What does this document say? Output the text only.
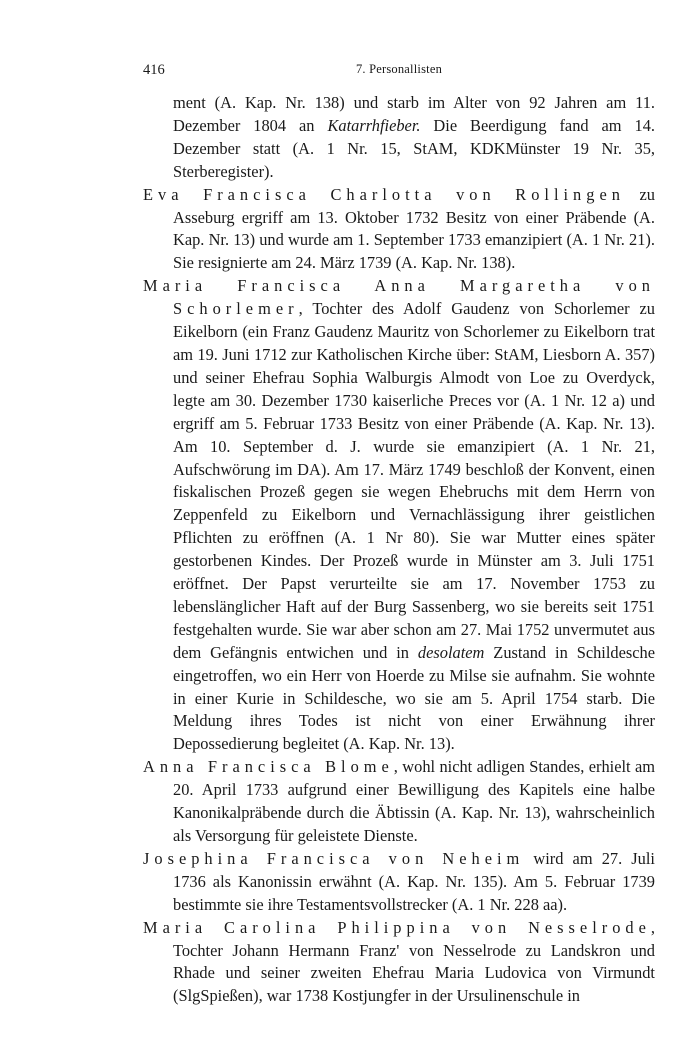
416	7. Personallisten

ment (A. Kap. Nr. 138) und starb im Alter von 92 Jahren am 11. Dezember 1804 an Katarrhfieber. Die Beerdigung fand am 14. Dezember statt (A. 1 Nr. 15, StAM, KDKMünster 19 Nr. 35, Sterberegister).

Eva Francisca Charlotta von Rollingen zu Asseburg ergriff am 13. Oktober 1732 Besitz von einer Präbende (A. Kap. Nr. 13) und wurde am 1. September 1733 emanzipiert (A. 1 Nr. 21). Sie resignierte am 24. März 1739 (A. Kap. Nr. 138).

Maria Francisca Anna Margaretha von Schorlemer, Tochter des Adolf Gaudenz von Schorlemer zu Eikelborn (ein Franz Gaudenz Mauritz von Schorlemer zu Eikelborn trat am 19. Juni 1712 zur Katholischen Kirche über: StAM, Liesborn A. 357) und seiner Ehefrau Sophia Walburgis Almodt von Loe zu Overdyck, legte am 30. Dezember 1730 kaiserliche Preces vor (A. 1 Nr. 12 a) und ergriff am 5. Februar 1733 Besitz von einer Präbende (A. Kap. Nr. 13). Am 10. September d. J. wurde sie emanzipiert (A. 1 Nr. 21, Aufschwörung im DA). Am 17. März 1749 beschloß der Konvent, einen fiskalischen Prozeß gegen sie wegen Ehebruchs mit dem Herrn von Zeppenfeld zu Eikelborn und Vernachlässigung ihrer geistlichen Pflichten zu eröffnen (A. 1 Nr 80). Sie war Mutter eines später gestorbenen Kindes. Der Prozeß wurde in Münster am 3. Juli 1751 eröffnet. Der Papst verurteilte sie am 17. November 1753 zu lebenslänglicher Haft auf der Burg Sassenberg, wo sie bereits seit 1751 festgehalten wurde. Sie war aber schon am 27. Mai 1752 unvermutet aus dem Gefängnis entwichen und in desolatem Zustand in Schildesche eingetroffen, wo ein Herr von Hoerde zu Milse sie aufnahm. Sie wohnte in einer Kurie in Schildesche, wo sie am 5. April 1754 starb. Die Meldung ihres Todes ist nicht von einer Erwähnung ihrer Depossedierung begleitet (A. Kap. Nr. 13).

Anna Francisca Blome, wohl nicht adligen Standes, erhielt am 20. April 1733 aufgrund einer Bewilligung des Kapitels eine halbe Kanonikalpräbende durch die Äbtissin (A. Kap. Nr. 13), wahrscheinlich als Versorgung für geleistete Dienste.

Josephina Francisca von Neheim wird am 27. Juli 1736 als Kanonissin erwähnt (A. Kap. Nr. 135). Am 5. Februar 1739 bestimmte sie ihre Testamentsvollstrecker (A. 1 Nr. 228 aa).

Maria Carolina Philippina von Nesselrode, Tochter Johann Hermann Franz' von Nesselrode zu Landskron und Rhade und seiner zweiten Ehefrau Maria Ludovica von Virmundt (SlgSpießen), war 1738 Kostjungfer in der Ursulinenschule in
